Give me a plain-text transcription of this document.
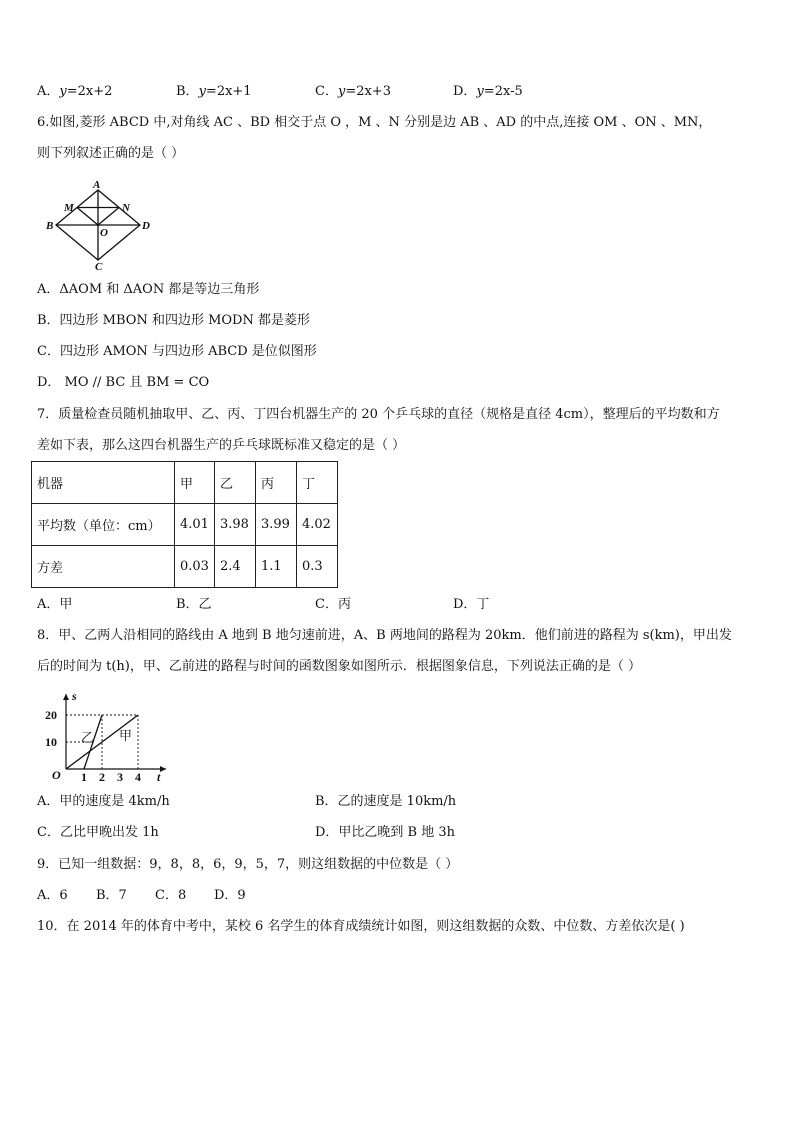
A．y=2x+2	B．y=2x+1	C．y=2x+3	D．y=2x-5
6.如图,菱形 ABCD 中,对角线 AC 、BD 相交于点 O ，M 、N 分别是边 AB 、AD 的中点,连接 OM 、ON 、MN，
则下列叙述正确的是（ ）
A
M	N
B	D
O
C
A．ΔAOM 和 ΔAON 都是等边三角形
B．四边形 MBON 和四边形 MODN 都是菱形
C．四边形 AMON 与四边形 ABCD 是位似图形
D． MO // BC 且 BM = CO
7．质量检查员随机抽取甲、乙、丙、丁四台机器生产的 20 个乒乓球的直径（规格是直径 4cm），整理后的平均数和方
差如下表，那么这四台机器生产的乒乓球既标准又稳定的是（ ）
机器	甲	乙	丙	丁
平均数（单位：cm）	4.01	3.98	3.99	4.02
方差	0.03	2.4	1.1	0.3
A．甲	B．乙	C．丙	D．丁
8．甲、乙两人沿相同的路线由 A 地到 B 地匀速前进，A、B 两地间的路程为 20km．他们前进的路程为 s(km)，甲出发
后的时间为 t(h)，甲、乙前进的路程与时间的函数图象如图所示．根据图象信息，下列说法正确的是（ ）
s
t
O
20
10
1 2 3 4
乙 甲
A．甲的速度是 4km/h	B．乙的速度是 10km/h
C．乙比甲晚出发 1h	D．甲比乙晚到 B 地 3h
9．已知一组数据：9，8，8，6，9，5，7，则这组数据的中位数是（ ）
A．6 B．7 C．8 D．9
10．在 2014 年的体育中考中，某校 6 名学生的体育成绩统计如图，则这组数据的众数、中位数、方差依次是( )
